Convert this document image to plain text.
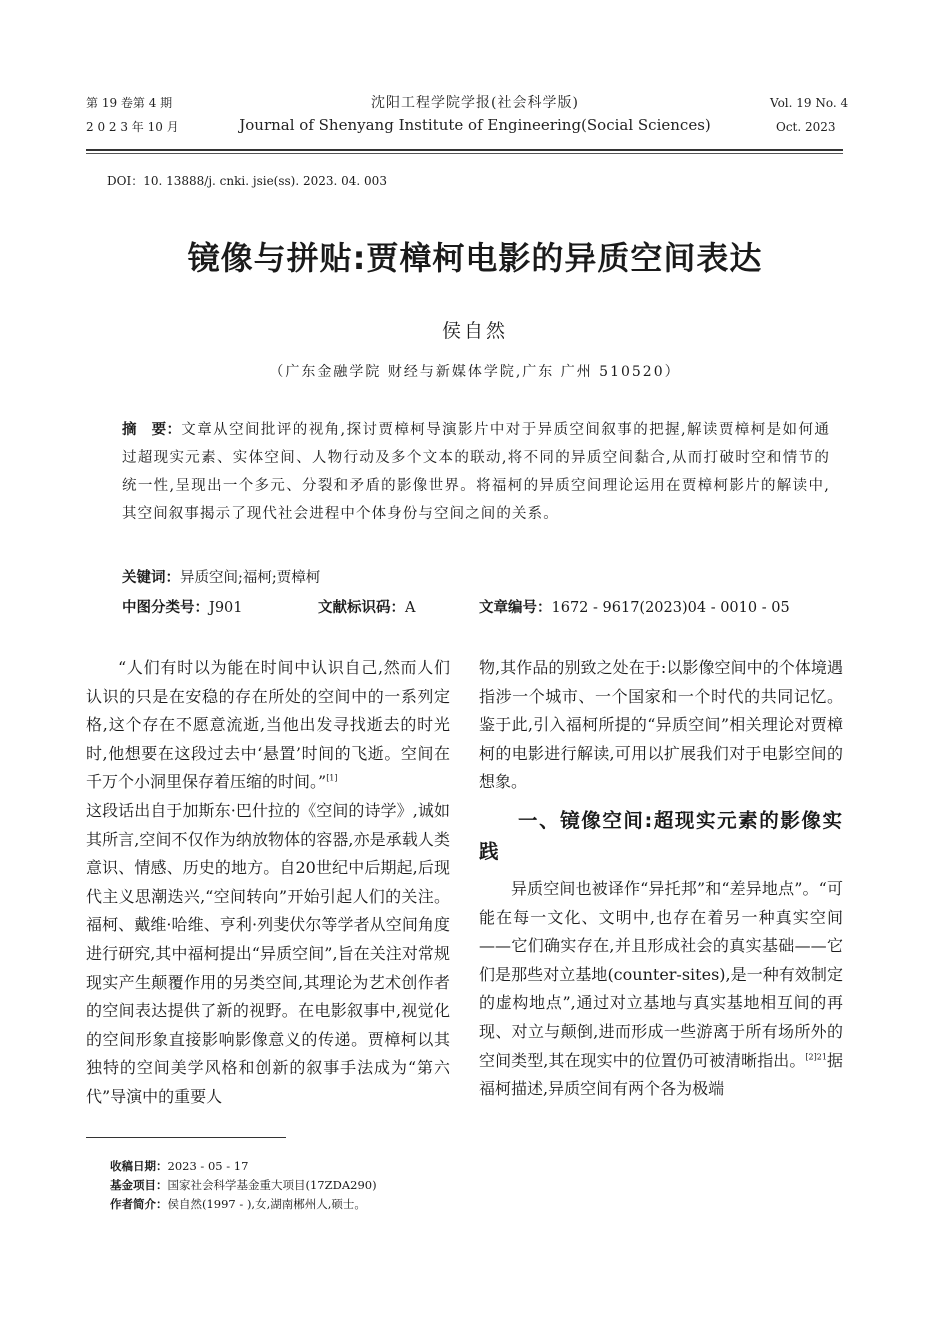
第 19 卷第 4 期
2 0 2 3 年 10 月
沈阳工程学院学报(社会科学版)
Journal of Shenyang Institute of Engineering(Social Sciences)
Vol. 19 No. 4
Oct. 2023
DOI：10. 13888/j. cnki. jsie(ss). 2023. 04. 003
镜像与拼贴:贾樟柯电影的异质空间表达
侯自然
（广东金融学院 财经与新媒体学院,广东 广州 510520）
摘　要：文章从空间批评的视角,探讨贾樟柯导演影片中对于异质空间叙事的把握,解读贾樟柯是如何通过超现实元素、实体空间、人物行动及多个文本的联动,将不同的异质空间黏合,从而打破时空和情节的统一性,呈现出一个多元、分裂和矛盾的影像世界。将福柯的异质空间理论运用在贾樟柯影片的解读中,其空间叙事揭示了现代社会进程中个体身份与空间之间的关系。
关键词：异质空间;福柯;贾樟柯
中图分类号：J901	文献标识码：A	文章编号：1672 - 9617(2023)04 - 0010 - 05

“人们有时以为能在时间中认识自己,然而人们认识的只是在安稳的存在所处的空间中的一系列定格,这个存在不愿意流逝,当他出发寻找逝去的时光时,他想要在这段过去中‘悬置’时间的飞逝。空间在千万个小洞里保存着压缩的时间。”[1]

这段话出自于加斯东·巴什拉的《空间的诗学》,诚如其所言,空间不仅作为纳放物体的容器,亦是承载人类意识、情感、历史的地方。自20世纪中后期起,后现代主义思潮迭兴,“空间转向”开始引起人们的关注。福柯、戴维·哈维、亨利·列斐伏尔等学者从空间角度进行研究,其中福柯提出“异质空间”,旨在关注对常规现实产生颠覆作用的另类空间,其理论为艺术创作者的空间表达提供了新的视野。在电影叙事中,视觉化的空间形象直接影响影像意义的传递。贾樟柯以其独特的空间美学风格和创新的叙事手法成为“第六代”导演中的重要人

物,其作品的别致之处在于:以影像空间中的个体境遇指涉一个城市、一个国家和一个时代的共同记忆。鉴于此,引入福柯所提的“异质空间”相关理论对贾樟柯的电影进行解读,可用以扩展我们对于电影空间的想象。

一、镜像空间:超现实元素的影像实践

异质空间也被译作“异托邦”和“差异地点”。“可能在每一文化、文明中,也存在着另一种真实空间——它们确实存在,并且形成社会的真实基础——它们是那些对立基地(counter-sites),是一种有效制定的虚构地点”,通过对立基地与真实基地相互间的再现、对立与颠倒,进而形成一些游离于所有场所外的空间类型,其在现实中的位置仍可被清晰指出。$^{[2]21}$据福柯描述,异质空间有两个各为极端

收稿日期：2023 - 05 - 17
基金项目：国家社会科学基金重大项目(17ZDA290)
作者简介：侯自然(1997 - ),女,湖南郴州人,硕士。
